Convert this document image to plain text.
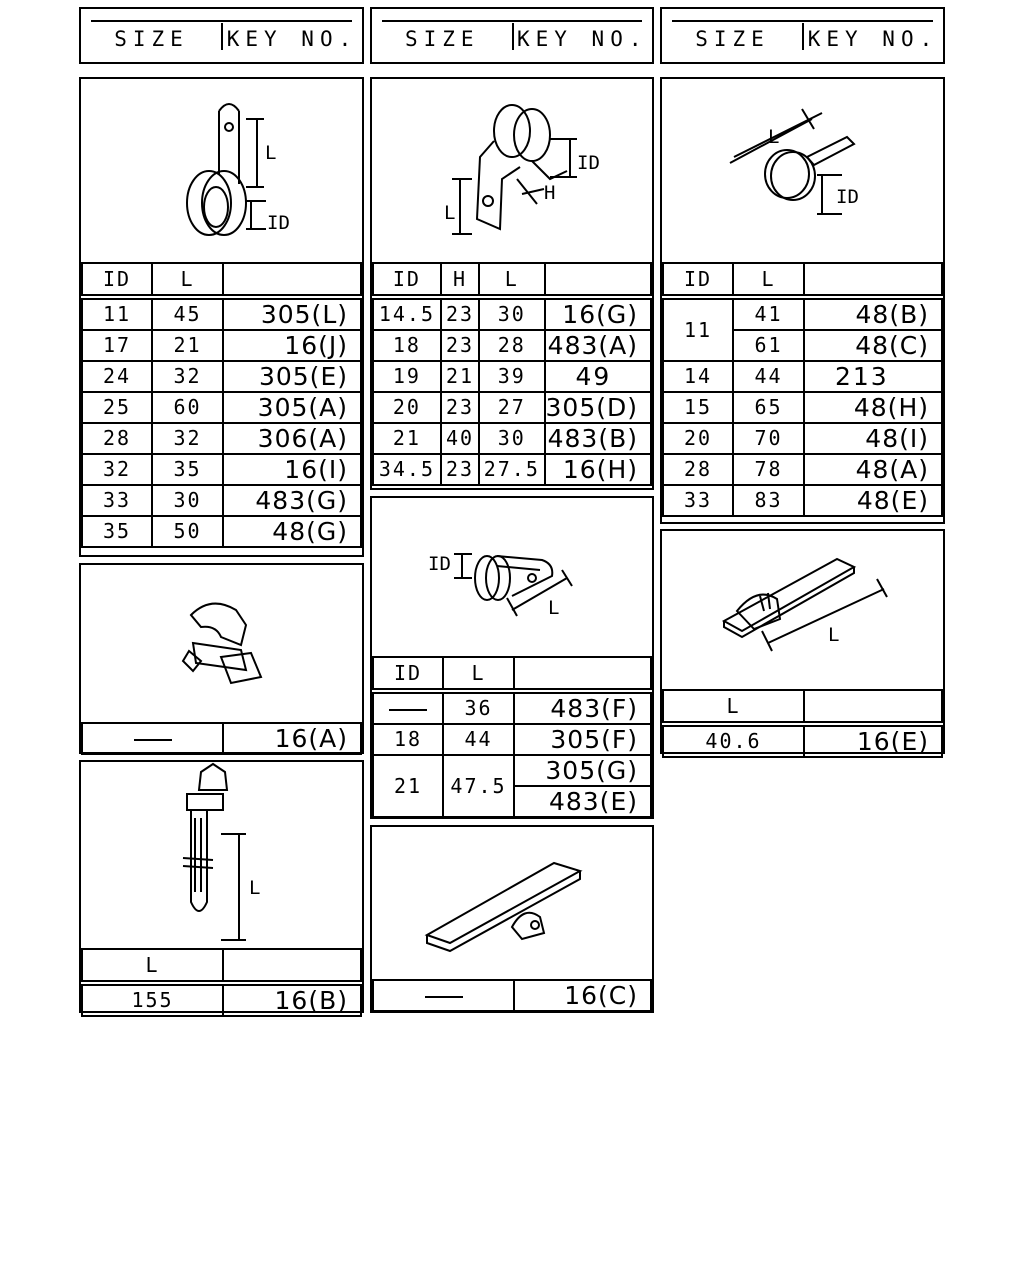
SIZE	KEY NO.	SIZE	KEY NO.	SIZE	KEY NO.
L
ID
ID	L	
11	45	305(L)
17	21	16(J)
24	32	305(E)
25	60	305(A)
28	32	306(A)
32	35	16(I)
33	30	483(G)
35	50	48(G)
ID
H
L
ID	H	L	
14.5	23	30	16(G)
18	23	28	483(A)
19	21	39	49
20	23	27	305(D)
21	40	30	483(B)
34.5	23	27.5	16(H)
L
ID
ID	L	
11	41	48(B)
	61	48(C)
14	44	213
15	65	48(H)
20	70	48(I)
28	78	48(A)
33	83	48(E)
	16(A)
ID
L
ID	L	
	36	483(F)
18	44	305(F)
21	47.5	305(G)
		483(E)
L
L	
40.6	16(E)
L
L	
155	16(B)
		16(C)
